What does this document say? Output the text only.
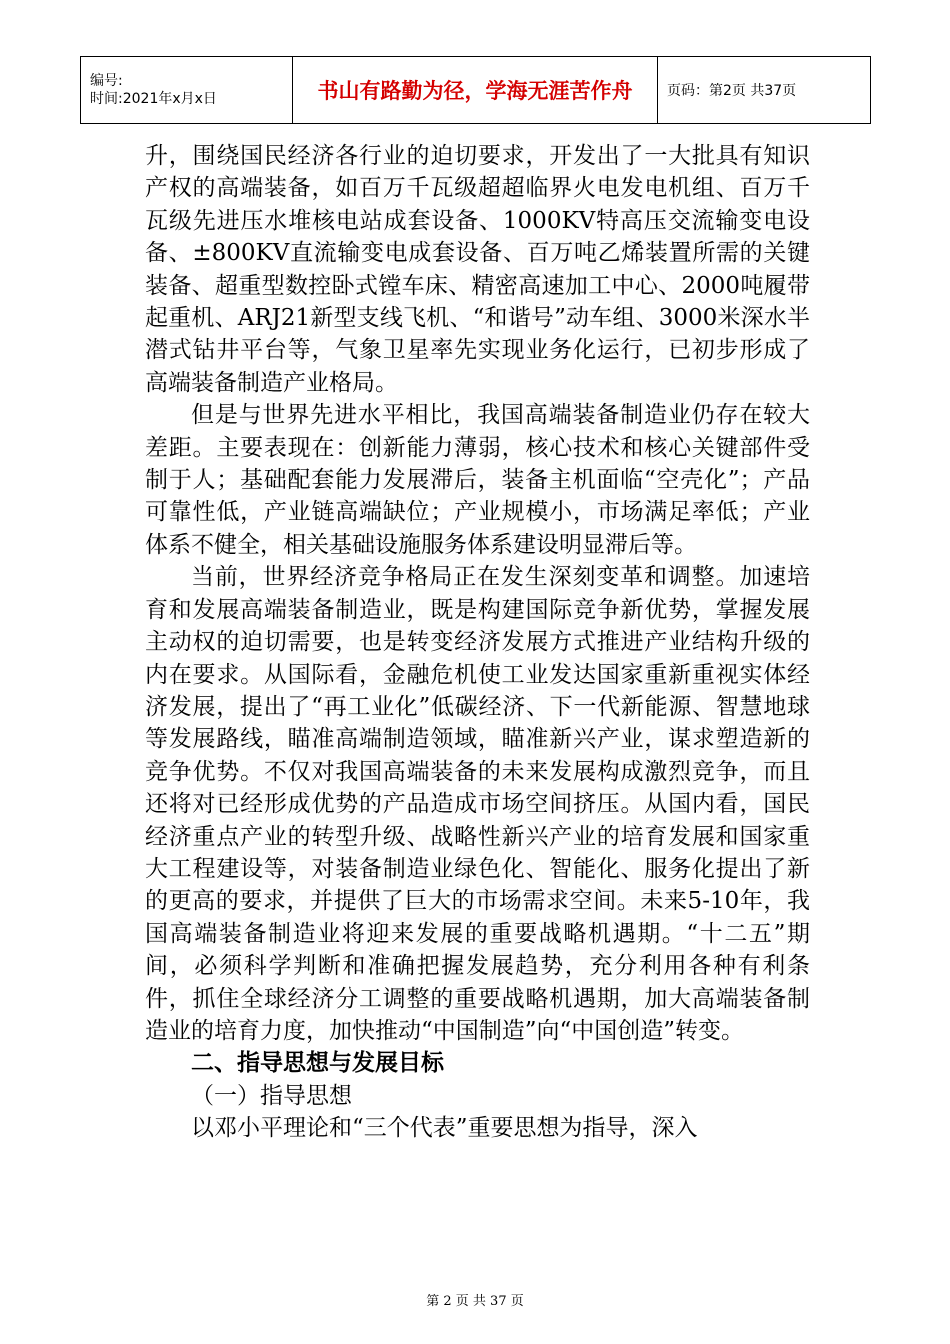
编号:
时间:2021年x月x日	书山有路勤为径，学海无涯苦作舟	页码：第2页 共37页

升，围绕国民经济各行业的迫切要求，开发出了一大批具有知识产权的高端装备，如百万千瓦级超超临界火电发电机组、百万千瓦级先进压水堆核电站成套设备、1000KV特高压交流输变电设备、±800KV直流输变电成套设备、百万吨乙烯装置所需的关键装备、超重型数控卧式镗车床、精密高速加工中心、2000吨履带起重机、ARJ21新型支线飞机、“和谐号”动车组、3000米深水半潜式钻井平台等，气象卫星率先实现业务化运行，已初步形成了高端装备制造产业格局。

但是与世界先进水平相比，我国高端装备制造业仍存在较大差距。主要表现在：创新能力薄弱，核心技术和核心关键部件受制于人；基础配套能力发展滞后，装备主机面临“空壳化”；产品可靠性低，产业链高端缺位；产业规模小，市场满足率低；产业体系不健全，相关基础设施服务体系建设明显滞后等。

当前，世界经济竞争格局正在发生深刻变革和调整。加速培育和发展高端装备制造业，既是构建国际竞争新优势，掌握发展主动权的迫切需要，也是转变经济发展方式推进产业结构升级的内在要求。从国际看，金融危机使工业发达国家重新重视实体经济发展，提出了“再工业化”低碳经济、下一代新能源、智慧地球等发展路线，瞄准高端制造领域，瞄准新兴产业，谋求塑造新的竞争优势。不仅对我国高端装备的未来发展构成激烈竞争，而且还将对已经形成优势的产品造成市场空间挤压。从国内看，国民经济重点产业的转型升级、战略性新兴产业的培育发展和国家重大工程建设等，对装备制造业绿色化、智能化、服务化提出了新的更高的要求，并提供了巨大的市场需求空间。未来5-10年，我国高端装备制造业将迎来发展的重要战略机遇期。“十二五”期间，必须科学判断和准确把握发展趋势，充分利用各种有利条件，抓住全球经济分工调整的重要战略机遇期，加大高端装备制造业的培育力度，加快推动“中国制造”向“中国创造”转变。

二、指导思想与发展目标

（一）指导思想

以邓小平理论和“三个代表”重要思想为指导，深入

第 2 页 共 37 页
